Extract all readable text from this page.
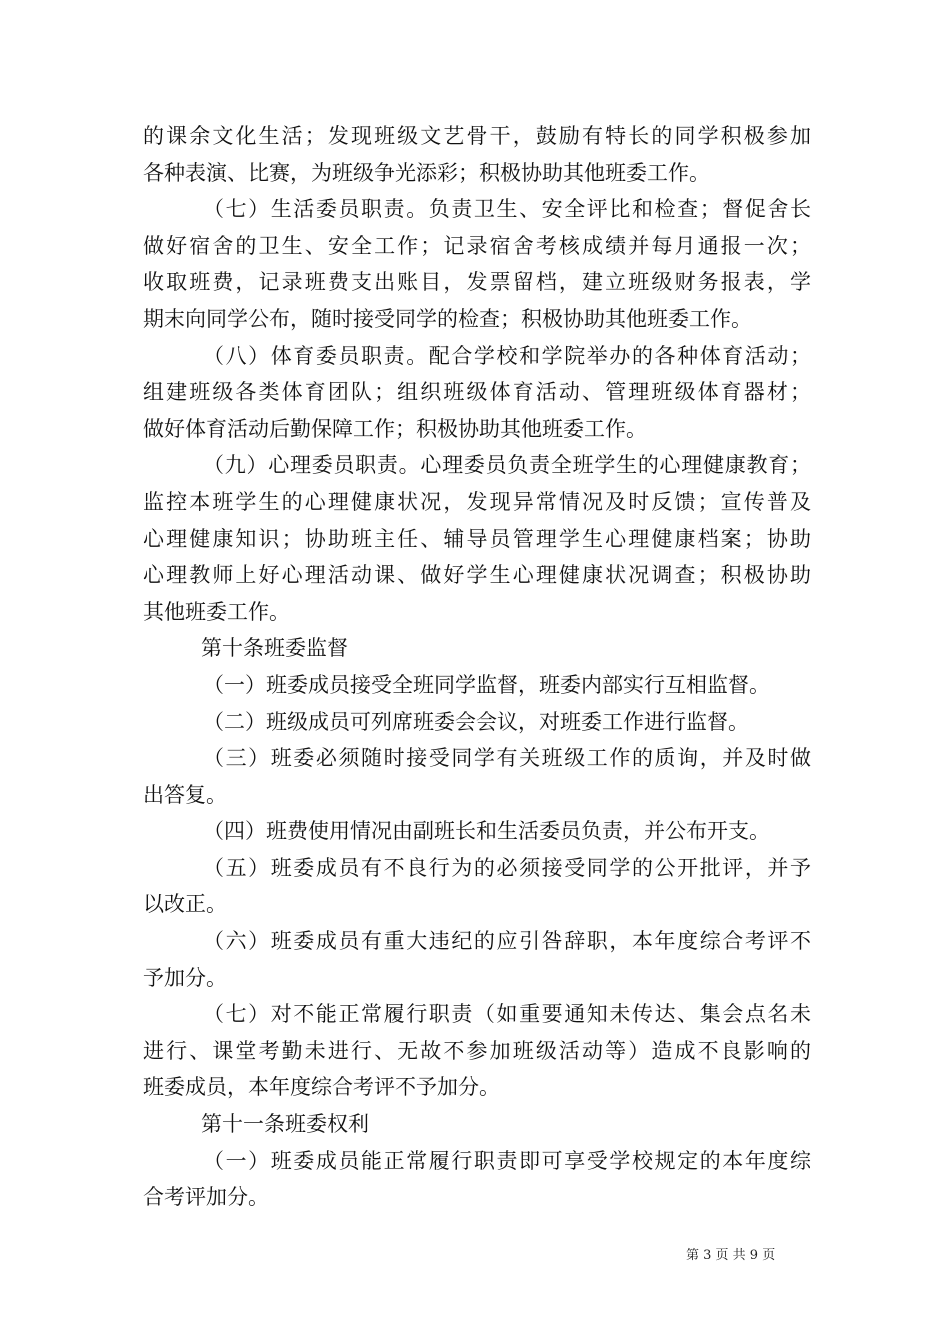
的课余文化生活；发现班级文艺骨干，鼓励有特长的同学积极参加
各种表演、比赛，为班级争光添彩；积极协助其他班委工作。
（七）生活委员职责。负责卫生、安全评比和检查；督促舍长
做好宿舍的卫生、安全工作；记录宿舍考核成绩并每月通报一次；
收取班费，记录班费支出账目，发票留档，建立班级财务报表，学
期末向同学公布，随时接受同学的检查；积极协助其他班委工作。
（八）体育委员职责。配合学校和学院举办的各种体育活动；
组建班级各类体育团队；组织班级体育活动、管理班级体育器材；
做好体育活动后勤保障工作；积极协助其他班委工作。
（九）心理委员职责。心理委员负责全班学生的心理健康教育；
监控本班学生的心理健康状况，发现异常情况及时反馈；宣传普及
心理健康知识；协助班主任、辅导员管理学生心理健康档案；协助
心理教师上好心理活动课、做好学生心理健康状况调查；积极协助
其他班委工作。
第十条班委监督
（一）班委成员接受全班同学监督，班委内部实行互相监督。
（二）班级成员可列席班委会会议，对班委工作进行监督。
（三）班委必须随时接受同学有关班级工作的质询，并及时做
出答复。
（四）班费使用情况由副班长和生活委员负责，并公布开支。
（五）班委成员有不良行为的必须接受同学的公开批评，并予
以改正。
（六）班委成员有重大违纪的应引咎辞职，本年度综合考评不
予加分。
（七）对不能正常履行职责（如重要通知未传达、集会点名未
进行、课堂考勤未进行、无故不参加班级活动等）造成不良影响的
班委成员，本年度综合考评不予加分。
第十一条班委权利
（一）班委成员能正常履行职责即可享受学校规定的本年度综
合考评加分。
第 3 页 共 9 页
